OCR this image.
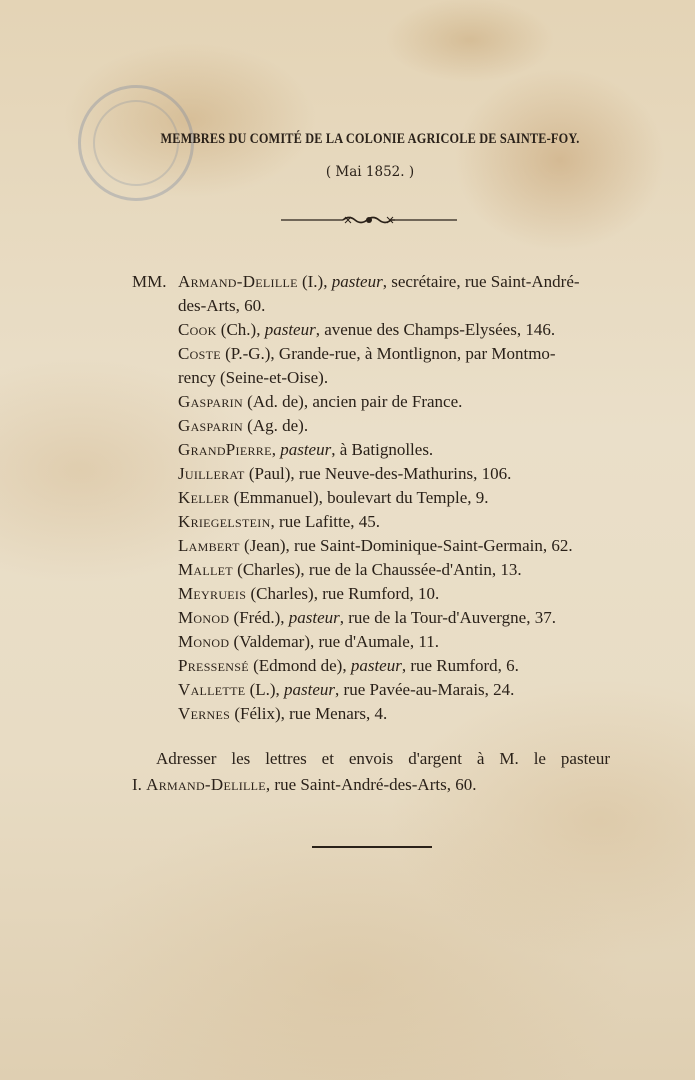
MEMBRES DU COMITÉ DE LA COLONIE AGRICOLE DE SAINTE-FOY.
( Mai 1852. )
MM. Armand-Delille (I.), pasteur, secrétaire, rue Saint-André-
des-Arts, 60.
Cook (Ch.), pasteur, avenue des Champs-Elysées, 146.
Coste (P.-G.), Grande-rue, à Montlignon, par Montmo-
rency (Seine-et-Oise).
Gasparin (Ad. de), ancien pair de France.
Gasparin (Ag. de).
GrandPierre, pasteur, à Batignolles.
Juillerat (Paul), rue Neuve-des-Mathurins, 106.
Keller (Emmanuel), boulevart du Temple, 9.
Kriegelstein, rue Lafitte, 45.
Lambert (Jean), rue Saint-Dominique-Saint-Germain, 62.
Mallet (Charles), rue de la Chaussée-d'Antin, 13.
Meyrueis (Charles), rue Rumford, 10.
Monod (Fréd.), pasteur, rue de la Tour-d'Auvergne, 37.
Monod (Valdemar), rue d'Aumale, 11.
Pressensé (Edmond de), pasteur, rue Rumford, 6.
Vallette (L.), pasteur, rue Pavée-au-Marais, 24.
Vernes (Félix), rue Menars, 4.
Adresser les lettres et envois d'argent à M. le pasteur
I. Armand-Delille, rue Saint-André-des-Arts, 60.
